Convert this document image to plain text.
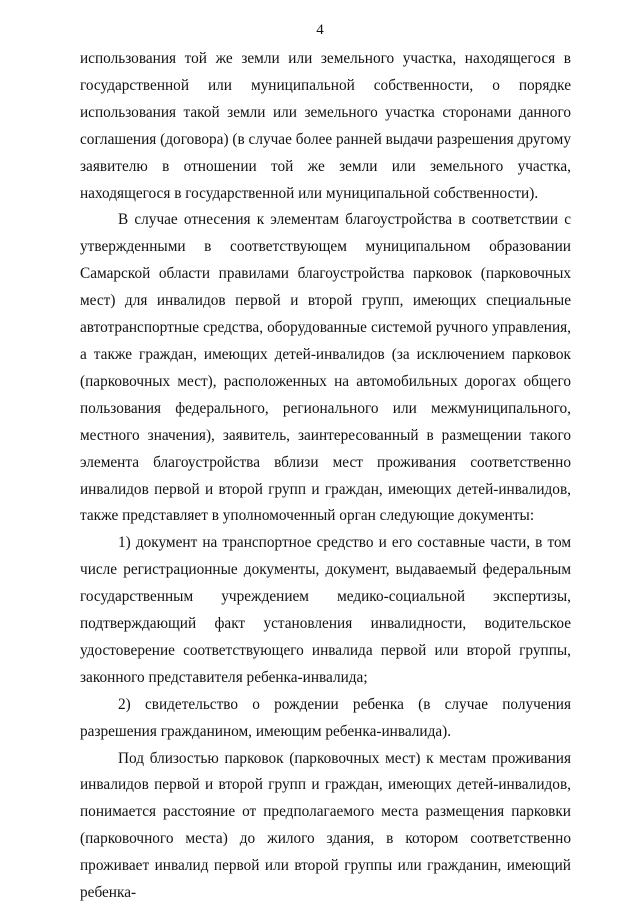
4

использования той же земли или земельного участка, находящегося в государственной или муниципальной собственности, о порядке использования такой земли или земельного участка сторонами данного соглашения (договора) (в случае более ранней выдачи разрешения другому заявителю в отношении той же земли или земельного участка, находящегося в государственной или муниципальной собственности).

В случае отнесения к элементам благоустройства в соответствии с утвержденными в соответствующем муниципальном образовании Самарской области правилами благоустройства парковок (парковочных мест) для инвалидов первой и второй групп, имеющих специальные автотранспортные средства, оборудованные системой ручного управления, а также граждан, имеющих детей-инвалидов (за исключением парковок (парковочных мест), расположенных на автомобильных дорогах общего пользования федерального, регионального или межмуниципального, местного значения), заявитель, заинтересованный в размещении такого элемента благоустройства вблизи мест проживания соответственно инвалидов первой и второй групп и граждан, имеющих детей-инвалидов, также представляет в уполномоченный орган следующие документы:

1) документ на транспортное средство и его составные части, в том числе регистрационные документы, документ, выдаваемый федеральным государственным учреждением медико-социальной экспертизы, подтверждающий факт установления инвалидности, водительское удостоверение соответствующего инвалида первой или второй группы, законного представителя ребенка-инвалида;

2) свидетельство о рождении ребенка (в случае получения разрешения гражданином, имеющим ребенка-инвалида).

Под близостью парковок (парковочных мест) к местам проживания инвалидов первой и второй групп и граждан, имеющих детей-инвалидов, понимается расстояние от предполагаемого места размещения парковки (парковочного места) до жилого здания, в котором соответственно проживает инвалид первой или второй группы или гражданин, имеющий ребенка-
